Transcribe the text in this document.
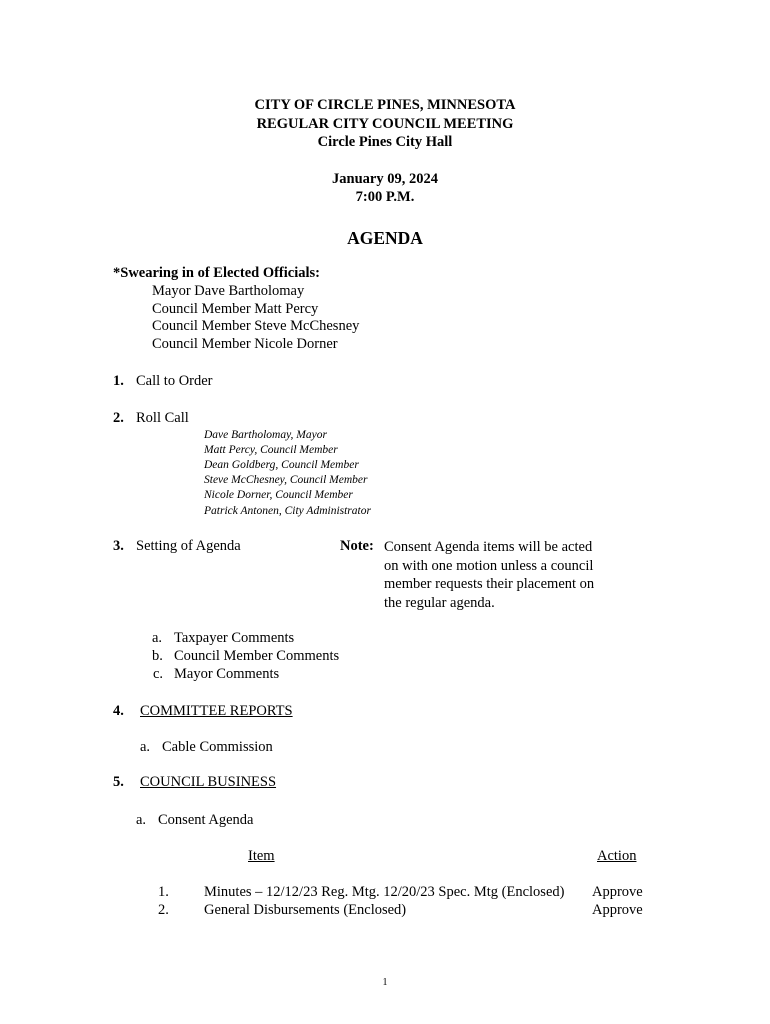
CITY OF CIRCLE PINES, MINNESOTA
REGULAR CITY COUNCIL MEETING
Circle Pines City Hall
January 09, 2024
7:00 P.M.
AGENDA
*Swearing in of Elected Officials:
Mayor Dave Bartholomay
Council Member Matt Percy
Council Member Steve McChesney
Council Member Nicole Dorner
1. Call to Order
2. Roll Call
Dave Bartholomay, Mayor
Matt Percy, Council Member
Dean Goldberg, Council Member
Steve McChesney, Council Member
Nicole Dorner, Council Member
Patrick Antonen, City Administrator
3. Setting of Agenda	Note: Consent Agenda items will be acted
on with one motion unless a council
member requests their placement on
the regular agenda.
a. Taxpayer Comments
b. Council Member Comments
c. Mayor Comments
4. COMMITTEE REPORTS
a. Cable Commission
5. COUNCIL BUSINESS
a. Consent Agenda
Item	Action
1. Minutes – 12/12/23 Reg. Mtg. 12/20/23 Spec. Mtg (Enclosed) Approve
2. General Disbursements (Enclosed)	Approve
1
